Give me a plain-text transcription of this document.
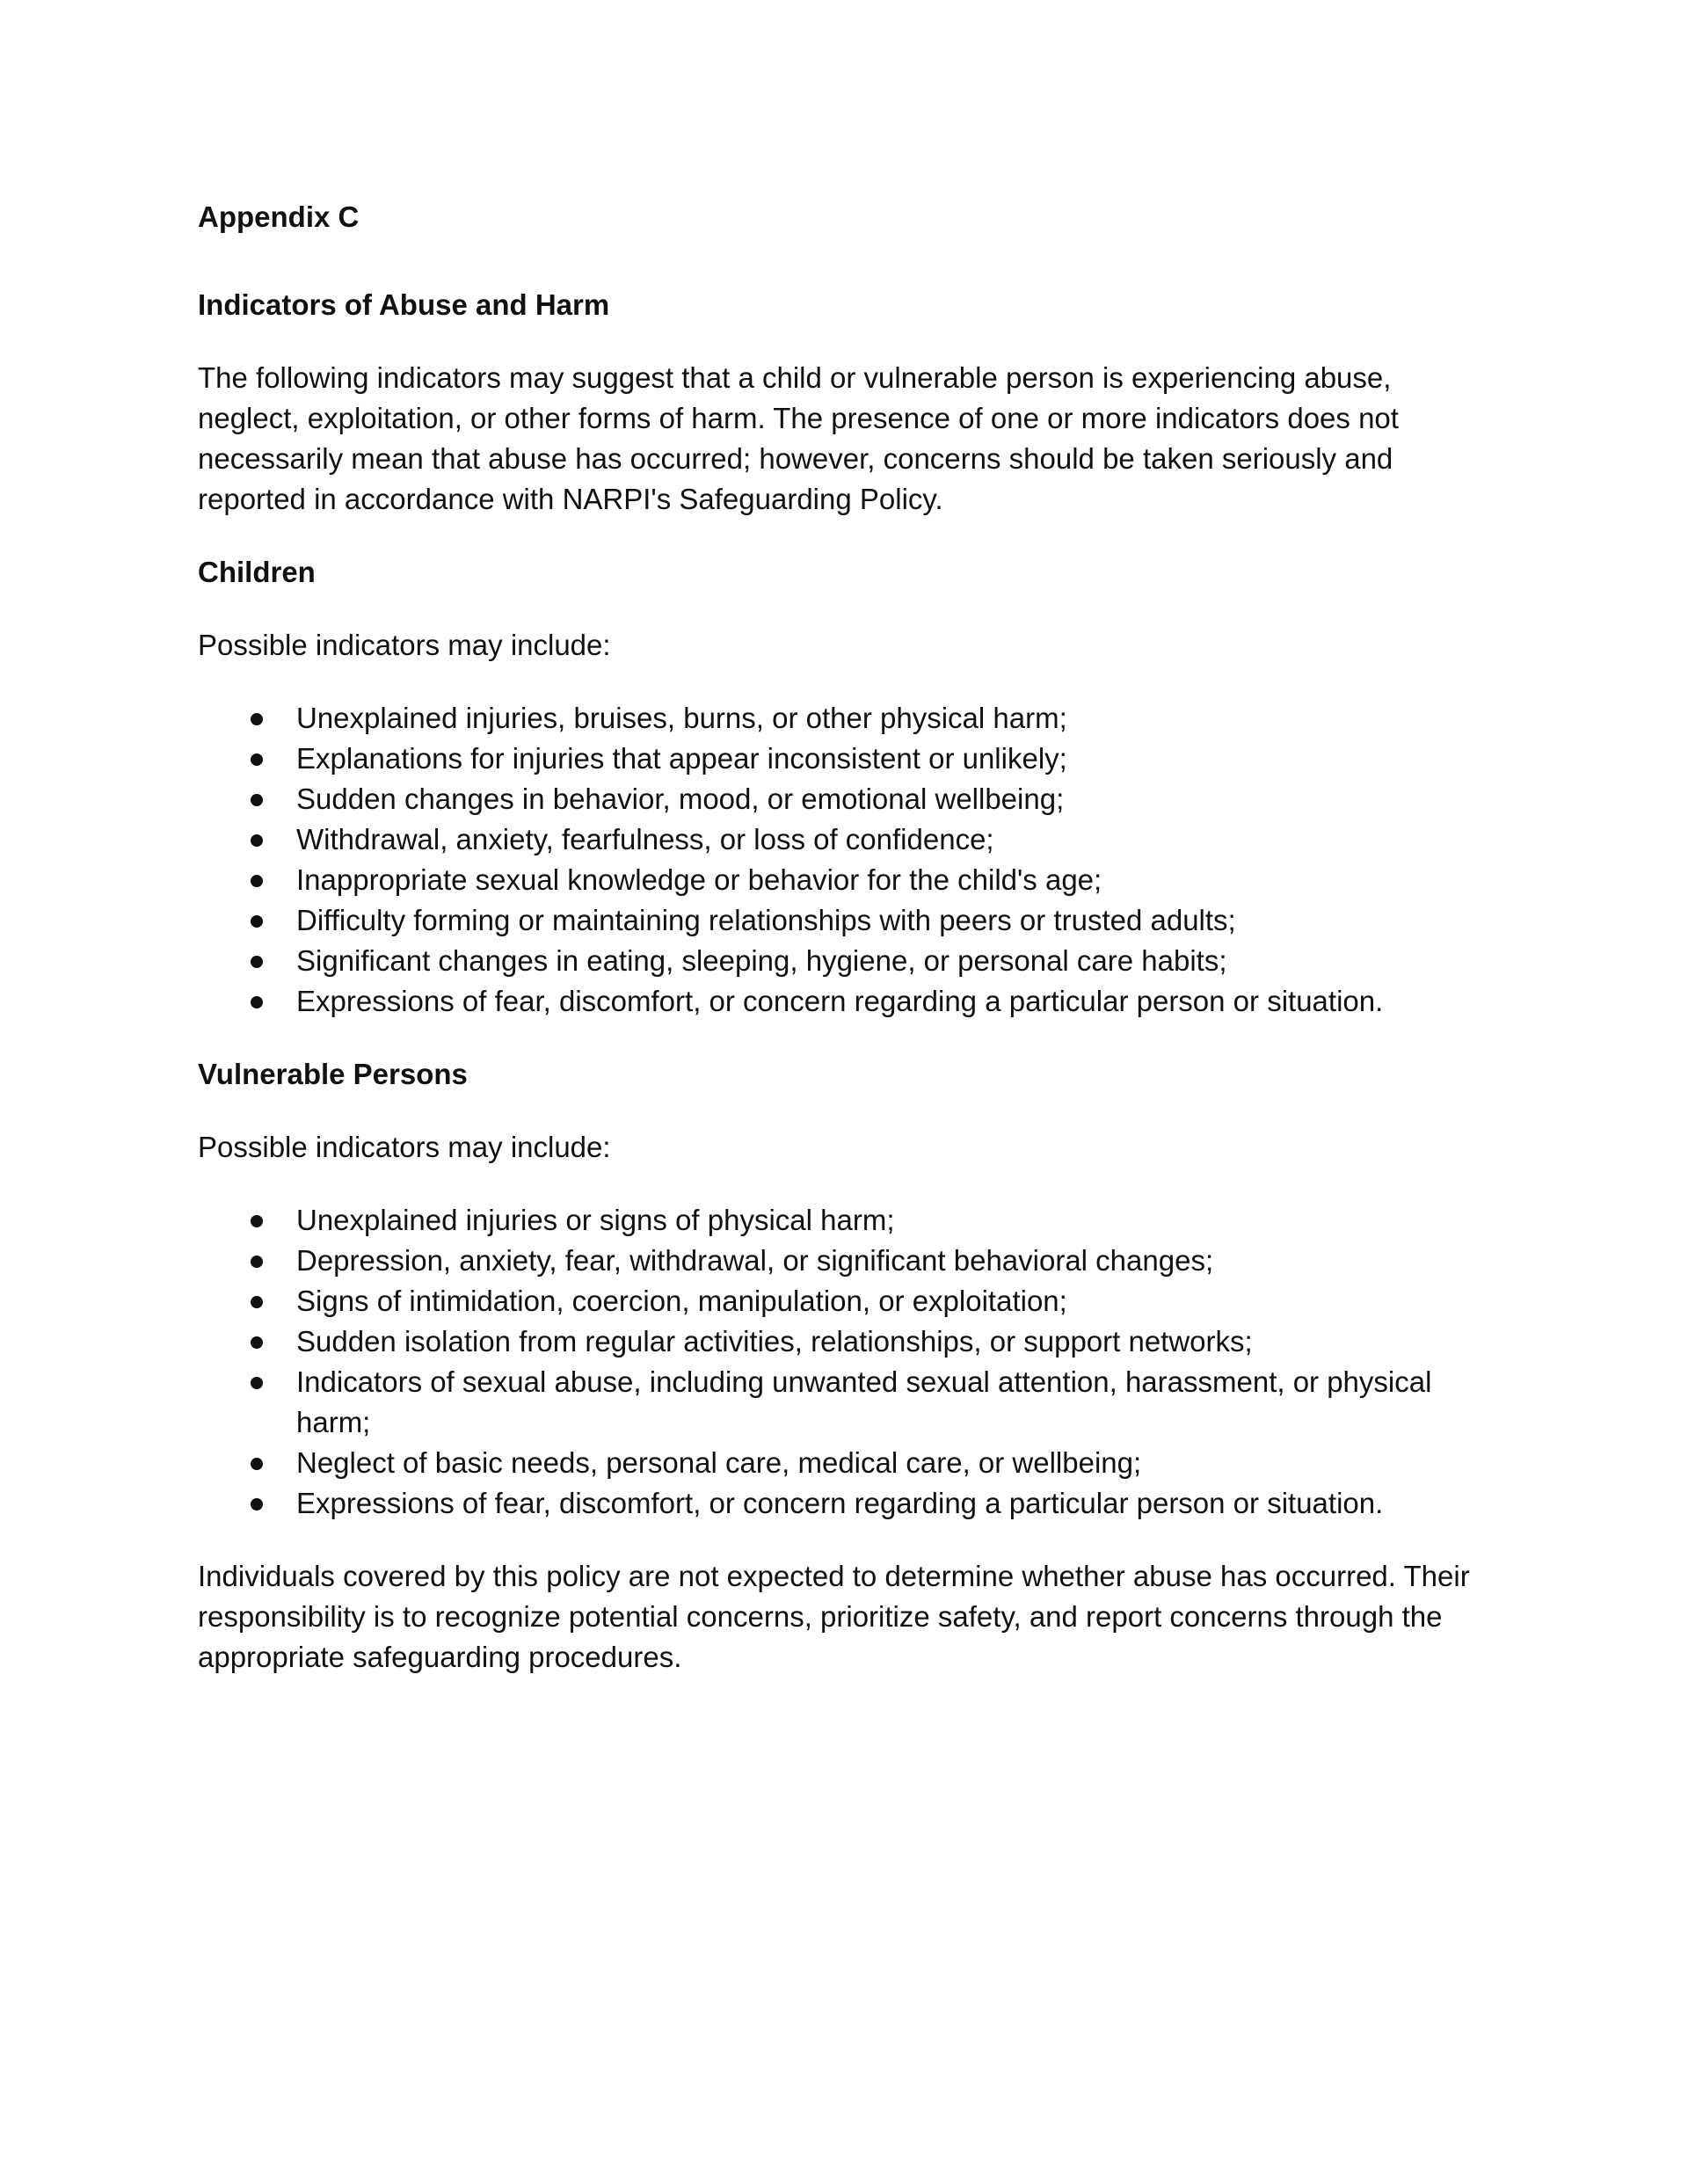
Appendix C

Indicators of Abuse and Harm

The following indicators may suggest that a child or vulnerable person is experiencing abuse, neglect, exploitation, or other forms of harm. The presence of one or more indicators does not necessarily mean that abuse has occurred; however, concerns should be taken seriously and reported in accordance with NARPI's Safeguarding Policy.

Children

Possible indicators may include:

Unexplained injuries, bruises, burns, or other physical harm;
Explanations for injuries that appear inconsistent or unlikely;
Sudden changes in behavior, mood, or emotional wellbeing;
Withdrawal, anxiety, fearfulness, or loss of confidence;
Inappropriate sexual knowledge or behavior for the child's age;
Difficulty forming or maintaining relationships with peers or trusted adults;
Significant changes in eating, sleeping, hygiene, or personal care habits;
Expressions of fear, discomfort, or concern regarding a particular person or situation.

Vulnerable Persons

Possible indicators may include:

Unexplained injuries or signs of physical harm;
Depression, anxiety, fear, withdrawal, or significant behavioral changes;
Signs of intimidation, coercion, manipulation, or exploitation;
Sudden isolation from regular activities, relationships, or support networks;
Indicators of sexual abuse, including unwanted sexual attention, harassment, or physical harm;
Neglect of basic needs, personal care, medical care, or wellbeing;
Expressions of fear, discomfort, or concern regarding a particular person or situation.

Individuals covered by this policy are not expected to determine whether abuse has occurred. Their responsibility is to recognize potential concerns, prioritize safety, and report concerns through the appropriate safeguarding procedures.
